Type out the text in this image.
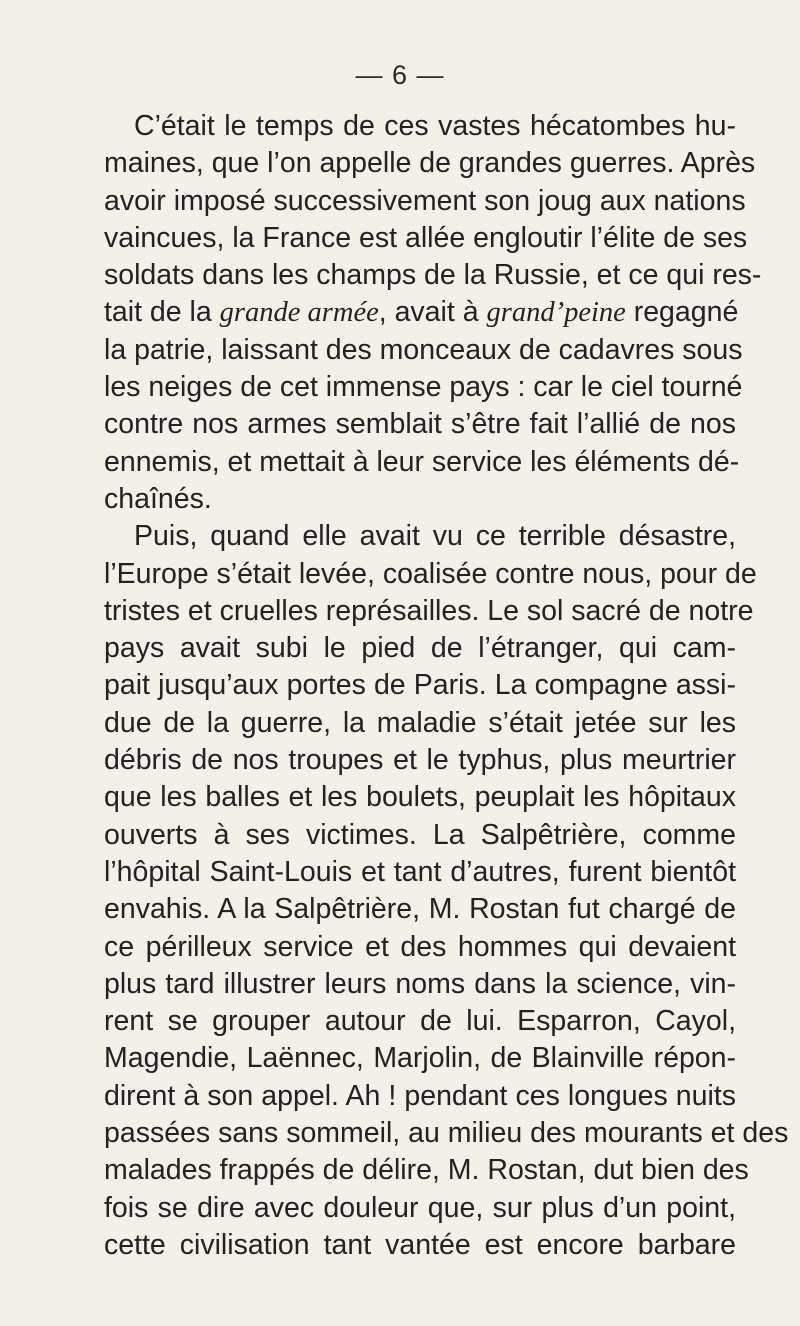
— 6 —
C’était le temps de ces vastes hécatombes hu-
maines, que l’on appelle de grandes guerres. Après
avoir imposé successivement son joug aux nations
vaincues, la France est allée engloutir l’élite de ses
soldats dans les champs de la Russie, et ce qui res-
tait de la grande armée, avait à grand’peine regagné
la patrie, laissant des monceaux de cadavres sous
les neiges de cet immense pays : car le ciel tourné
contre nos armes semblait s’être fait l’allié de nos
ennemis, et mettait à leur service les éléments dé-
chaînés.
Puis, quand elle avait vu ce terrible désastre,
l’Europe s’était levée, coalisée contre nous, pour de
tristes et cruelles représailles. Le sol sacré de notre
pays avait subi le pied de l’étranger, qui cam-
pait jusqu’aux portes de Paris. La compagne assi-
due de la guerre, la maladie s’était jetée sur les
débris de nos troupes et le typhus, plus meurtrier
que les balles et les boulets, peuplait les hôpitaux
ouverts à ses victimes. La Salpêtrière, comme
l’hôpital Saint-Louis et tant d’autres, furent bientôt
envahis. A la Salpêtrière, M. Rostan fut chargé de
ce périlleux service et des hommes qui devaient
plus tard illustrer leurs noms dans la science, vin-
rent se grouper autour de lui. Esparron, Cayol,
Magendie, Laënnec, Marjolin, de Blainville répon-
dirent à son appel. Ah ! pendant ces longues nuits
passées sans sommeil, au milieu des mourants et des
malades frappés de délire, M. Rostan, dut bien des
fois se dire avec douleur que, sur plus d’un point,
cette civilisation tant vantée est encore barbare
